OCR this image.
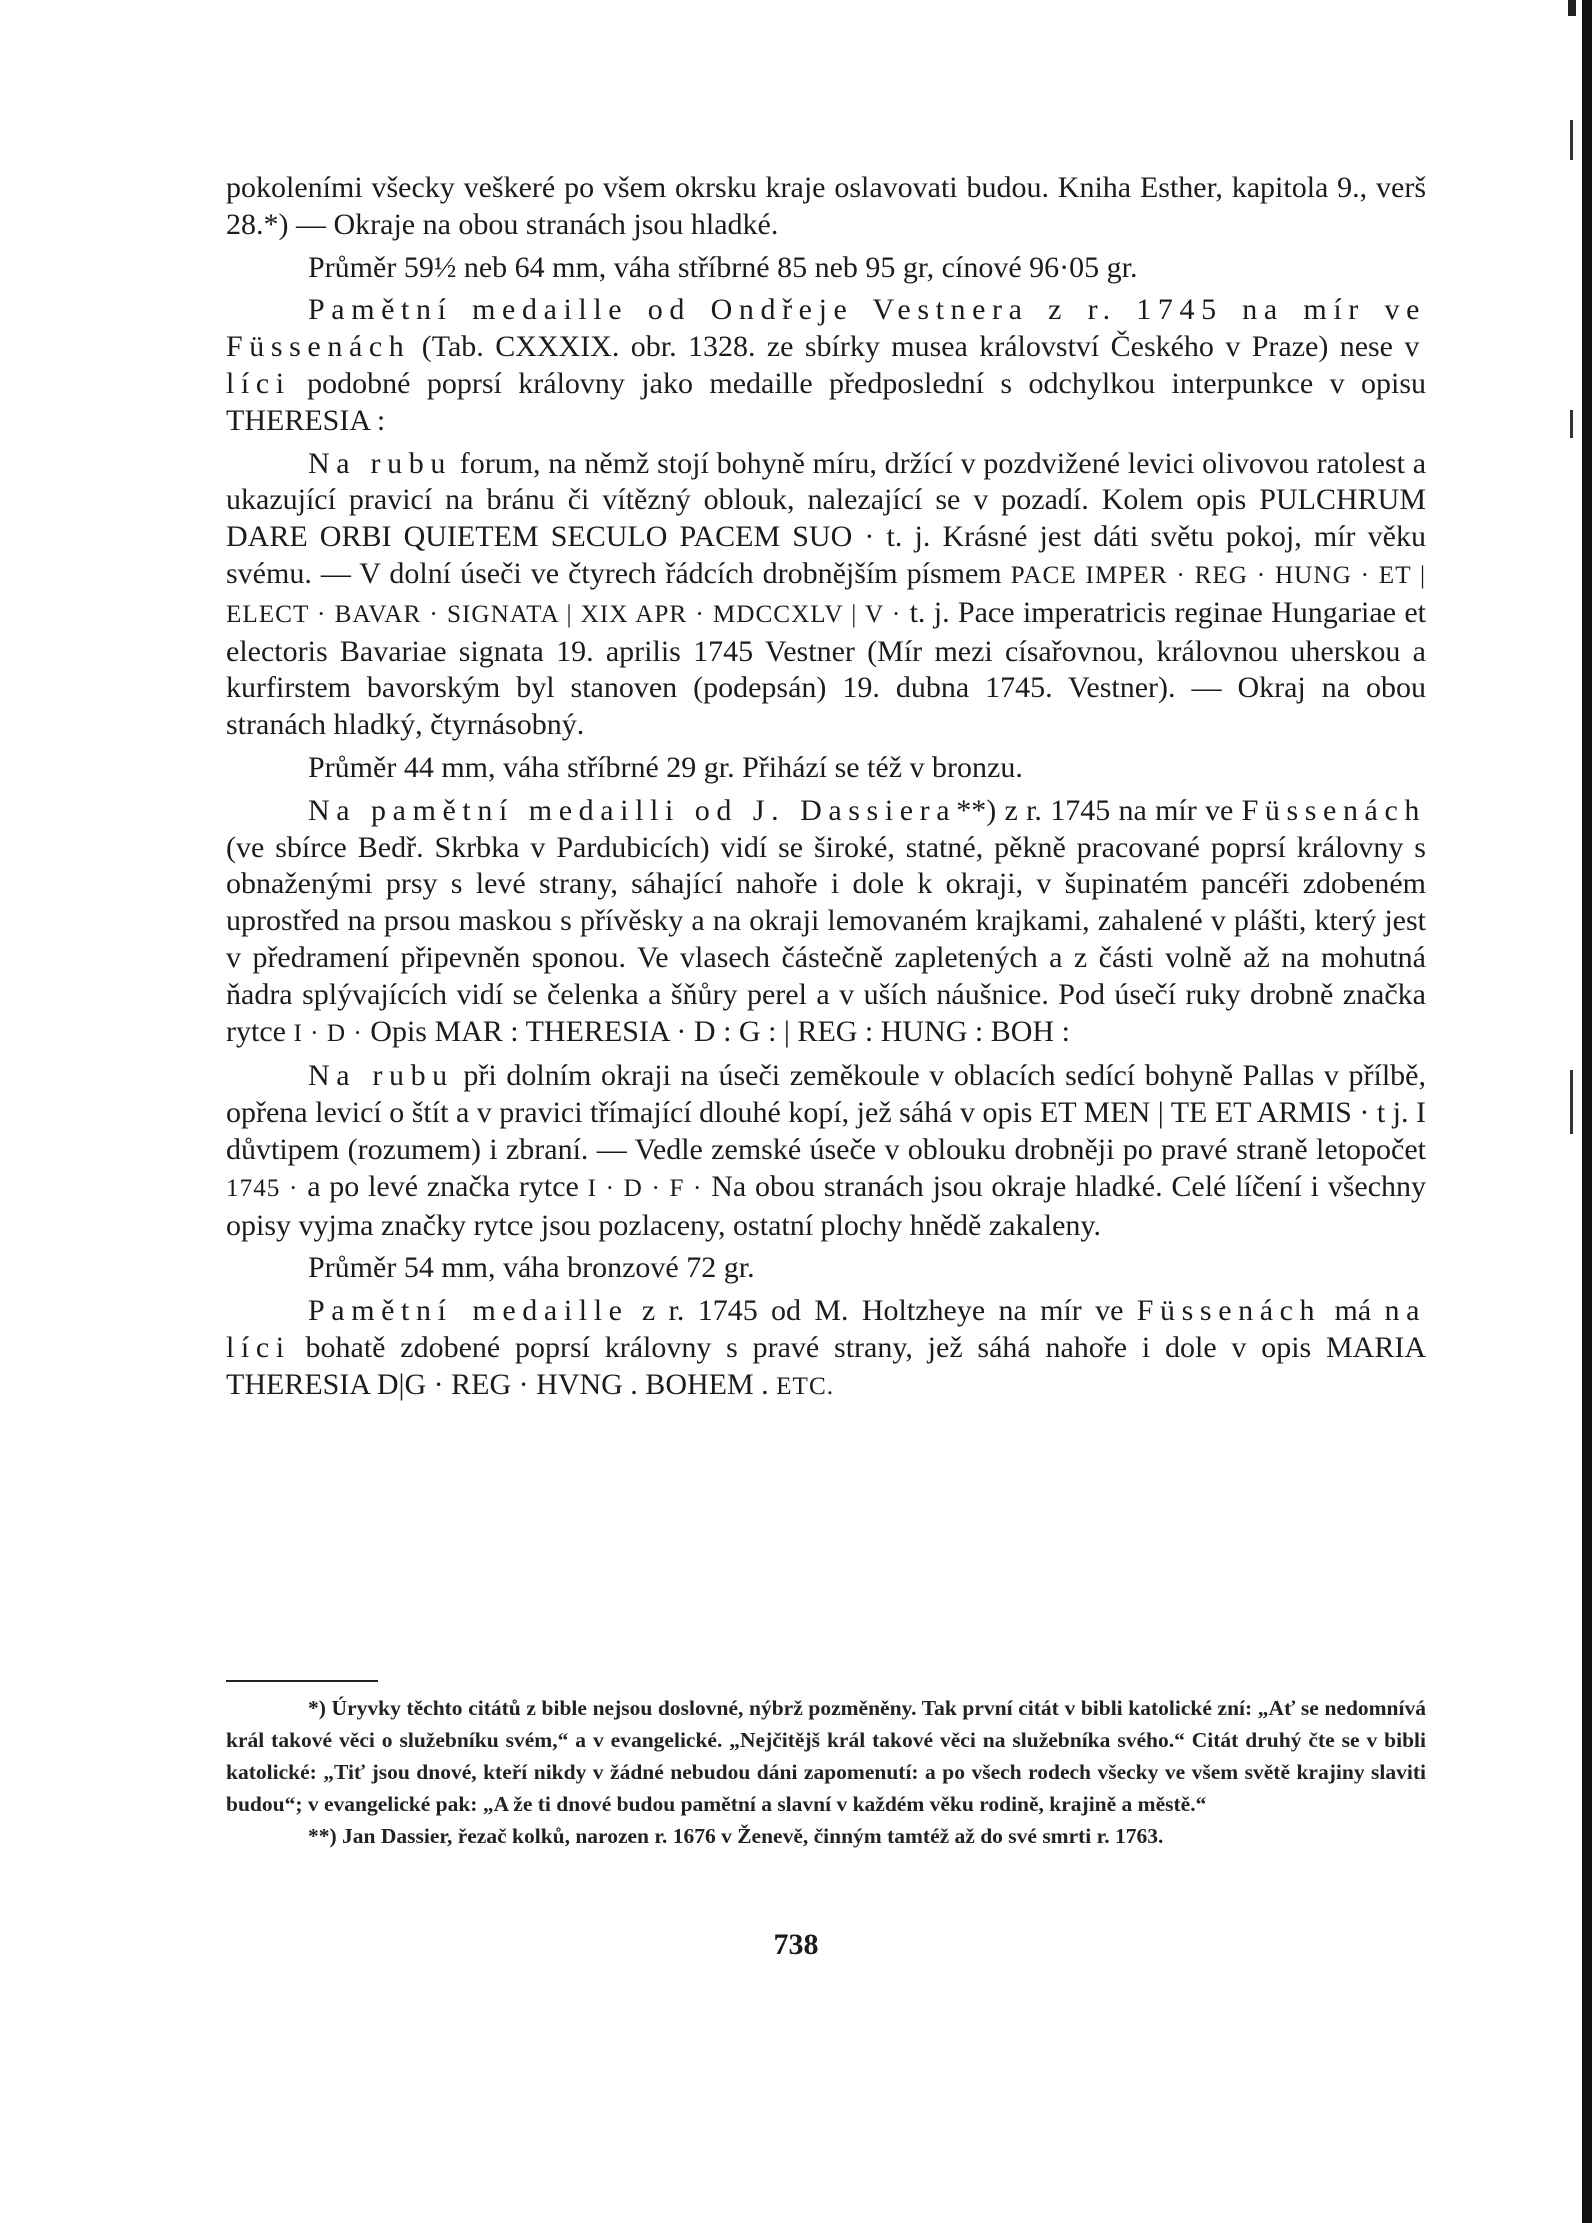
pokoleními všecky veškeré po všem okrsku kraje oslavovati budou. Kniha Esther, kapitola 9., verš 28.*) — Okraje na obou stranách jsou hladké.

Průměr 59½ neb 64 mm, váha stříbrné 85 neb 95 gr, cínové 96·05 gr.

Pamětní medaille od Ondřeje Vestnera z r. 1745 na mír ve Füssenách (Tab. CXXXIX. obr. 1328. ze sbírky musea království Českého v Praze) nese v líci podobné poprsí královny jako medaille předposlední s odchylkou interpunkce v opisu THERESIA :

Na rubu forum, na němž stojí bohyně míru, držící v pozdvižené levici olivovou ratolest a ukazující pravicí na bránu či vítězný oblouk, nalezající se v pozadí. Kolem opis PULCHRUM DARE ORBI QUIETEM SECULO PACEM SUO · t. j. Krásné jest dáti světu pokoj, mír věku svému. — V dolní úseči ve čtyrech řádcích drobnějším písmem PACE IMPER · REG · HUNG · ET | ELECT · BAVAR · SIGNATA | XIX APR · MDCCXLV | V · t. j. Pace imperatricis reginae Hungariae et electoris Bavariae signata 19. aprilis 1745 Vestner (Mír mezi císařovnou, královnou uherskou a kurfirstem bavorským byl stanoven (podepsán) 19. dubna 1745. Vestner). — Okraj na obou stranách hladký, čtyrnásobný.

Průměr 44 mm, váha stříbrné 29 gr. Přihází se též v bronzu.

Na pamětní medailli od J. Dassiera**) z r. 1745 na mír ve Füssenách (ve sbírce Bedř. Skrbka v Pardubicích) vidí se široké, statné, pěkně pracované poprsí královny s obnaženými prsy s levé strany, sáhající nahoře i dole k okraji, v šupinatém pancéři zdobeném uprostřed na prsou maskou s přívěsky a na okraji lemovaném krajkami, zahalené v plášti, který jest v předramení připevněn sponou. Ve vlasech částečně zapletených a z části volně až na mohutná ňadra splývajících vidí se čelenka a šňůry perel a v uších náušnice. Pod úsečí ruky drobně značka rytce I · D · Opis MAR : THERESIA · D : G : | REG : HUNG : BOH :

Na rubu při dolním okraji na úseči zeměkoule v oblacích sedící bohyně Pallas v přílbě, opřena levicí o štít a v pravici třímající dlouhé kopí, jež sáhá v opis ET MEN | TE ET ARMIS · t j. I důvtipem (rozumem) i zbraní. — Vedle zemské úseče v oblouku drobněji po pravé straně letopočet 1745 · a po levé značka rytce I · D · F · Na obou stranách jsou okraje hladké. Celé líčení i všechny opisy vyjma značky rytce jsou pozlaceny, ostatní plochy hnědě zakaleny.

Průměr 54 mm, váha bronzové 72 gr.

Pamětní medaille z r. 1745 od M. Holtzheye na mír ve Füssenách má na líci bohatě zdobené poprsí královny s pravé strany, jež sáhá nahoře i dole v opis MARIA THERESIA D|G · REG · HVNG . BOHEM . ETC.

*) Úryvky těchto citátů z bible nejsou doslovné, nýbrž pozměněny. Tak první citát v bibli katolické zní: „Ať se nedomnívá král takové věci o služebníku svém,“ a v evangelické. „Nejčitějš král takové věci na služebníka svého.“ Citát druhý čte se v bibli katolické: „Tiť jsou dnové, kteří nikdy v žádné nebudou dáni zapomenutí: a po všech rodech všecky ve všem světě krajiny slaviti budou“; v evangelické pak: „A že ti dnové budou pamětní a slavní v každém věku rodině, krajině a městě.“

**) Jan Dassier, řezač kolků, narozen r. 1676 v Ženevě, činným tamtéž až do své smrti r. 1763.

738
